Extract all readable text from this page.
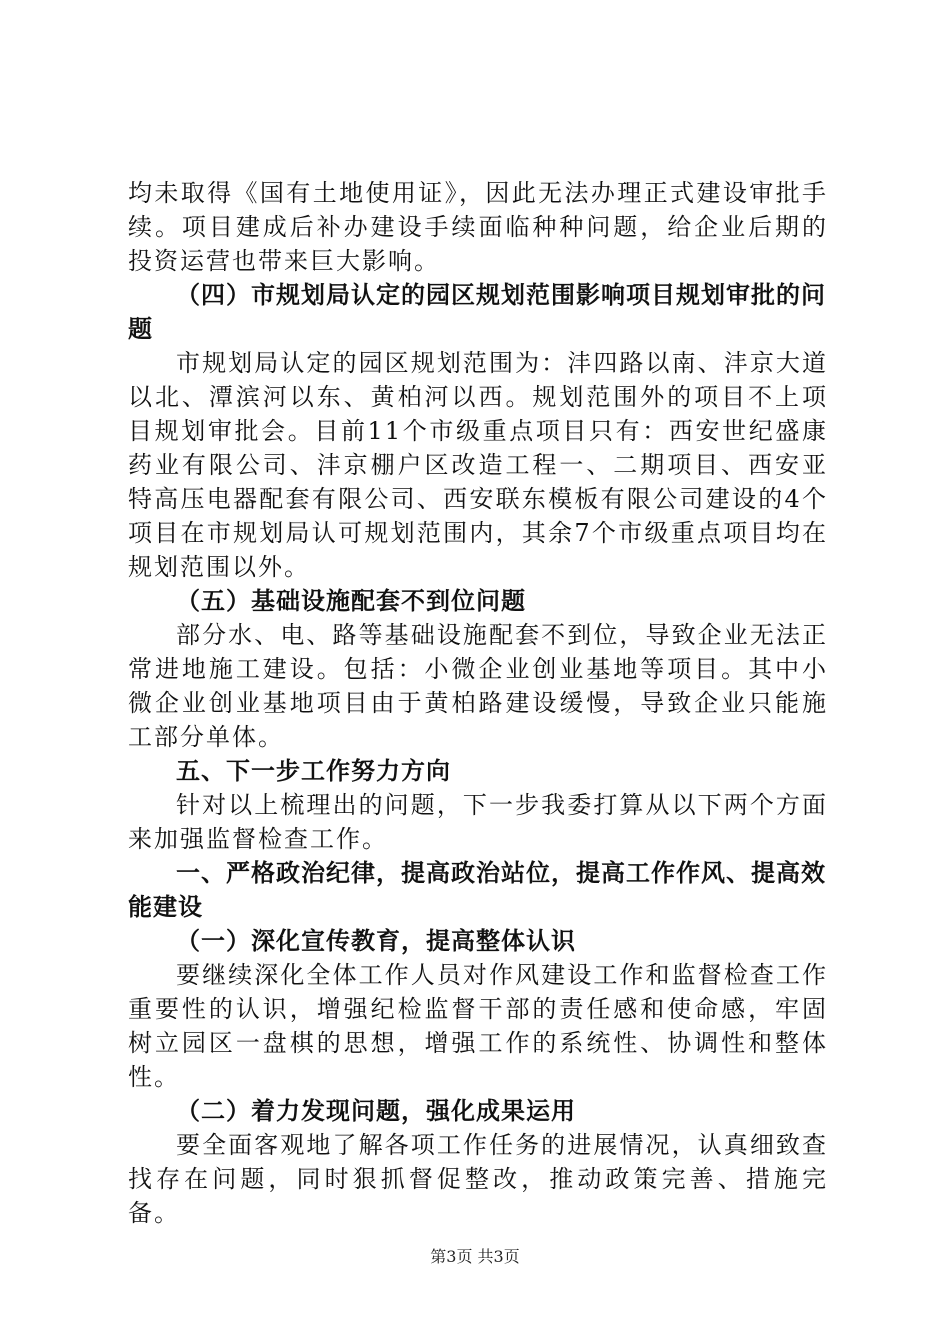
均未取得《国有土地使用证》，因此无法办理正式建设审批手续。项目建成后补办建设手续面临种种问题，给企业后期的投资运营也带来巨大影响。

（四）市规划局认定的园区规划范围影响项目规划审批的问题

市规划局认定的园区规划范围为：沣四路以南、沣京大道以北、潭滨河以东、黄柏河以西。规划范围外的项目不上项目规划审批会。目前11个市级重点项目只有：西安世纪盛康药业有限公司、沣京棚户区改造工程一、二期项目、西安亚特高压电器配套有限公司、西安联东模板有限公司建设的4个项目在市规划局认可规划范围内，其余7个市级重点项目均在规划范围以外。

（五）基础设施配套不到位问题

部分水、电、路等基础设施配套不到位，导致企业无法正常进地施工建设。包括：小微企业创业基地等项目。其中小微企业创业基地项目由于黄柏路建设缓慢，导致企业只能施工部分单体。

五、下一步工作努力方向

针对以上梳理出的问题，下一步我委打算从以下两个方面来加强监督检查工作。

一、严格政治纪律，提高政治站位，提高工作作风、提高效能建设

（一）深化宣传教育，提高整体认识

要继续深化全体工作人员对作风建设工作和监督检查工作重要性的认识，增强纪检监督干部的责任感和使命感，牢固树立园区一盘棋的思想，增强工作的系统性、协调性和整体性。

（二）着力发现问题，强化成果运用

要全面客观地了解各项工作任务的进展情况，认真细致查找存在问题，同时狠抓督促整改，推动政策完善、措施完备。

第3页 共3页
